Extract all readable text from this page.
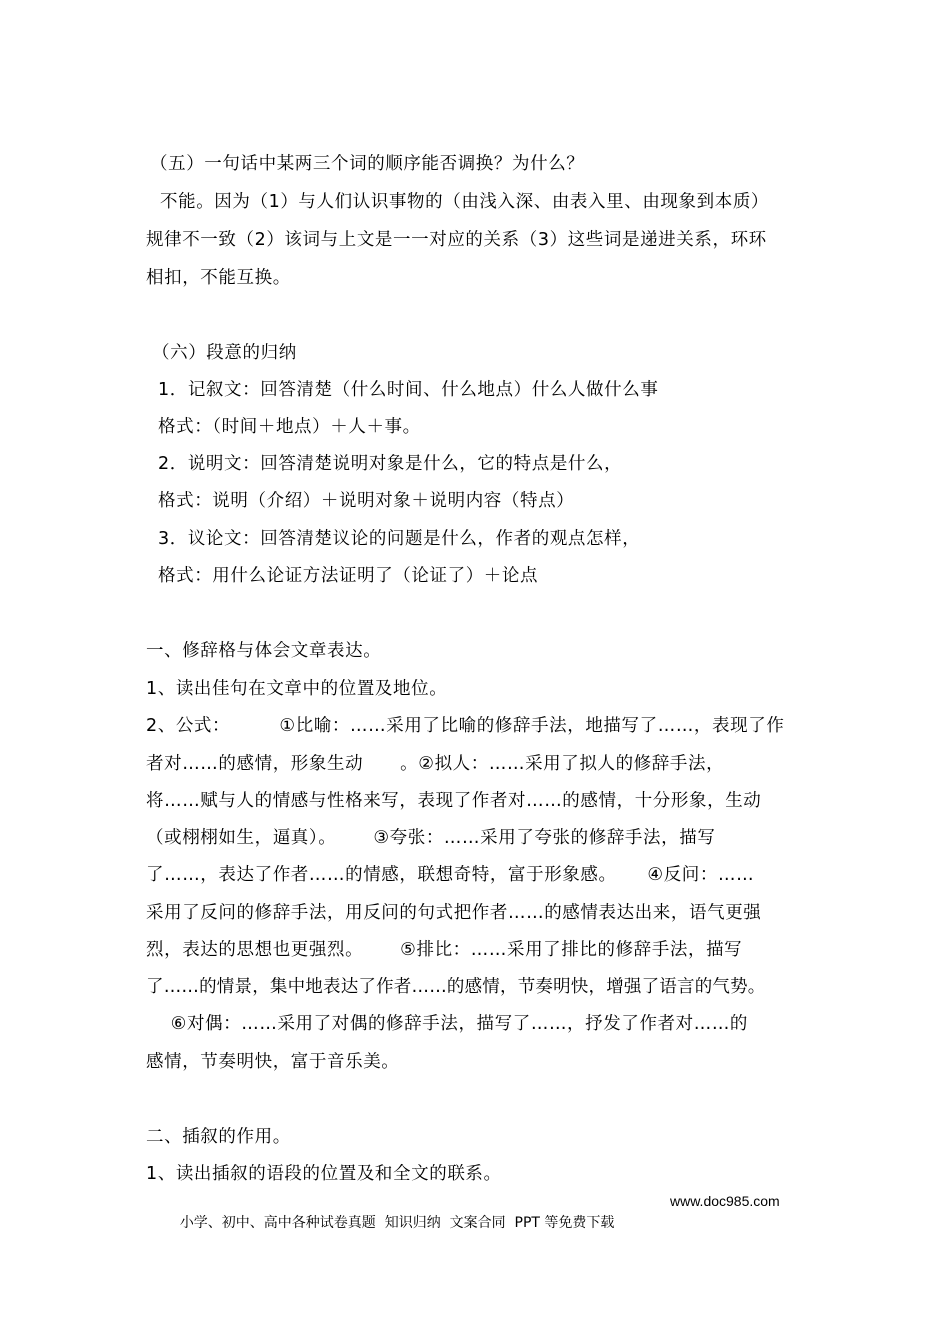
（五）一句话中某两三个词的顺序能否调换？为什么？
不能。因为（1）与人们认识事物的（由浅入深、由表入里、由现象到本质）
规律不一致（2）该词与上文是一一对应的关系（3）这些词是递进关系，环环
相扣，不能互换。
（六）段意的归纳
1．记叙文：回答清楚（什么时间、什么地点）什么人做什么事
格式：（时间＋地点）＋人＋事。
2．说明文：回答清楚说明对象是什么，它的特点是什么，
格式：说明（介绍）＋说明对象＋说明内容（特点）
3．议论文：回答清楚议论的问题是什么，作者的观点怎样，
格式：用什么论证方法证明了（论证了）＋论点
一、修辞格与体会文章表达。
1、读出佳句在文章中的位置及地位。
2、公式：        ①比喻：……采用了比喻的修辞手法，地描写了……，表现了作
者对……的感情，形象生动      。②拟人：……采用了拟人的修辞手法，
将……赋与人的情感与性格来写，表现了作者对……的感情，十分形象，生动
（或栩栩如生，逼真）。      ③夸张：……采用了夸张的修辞手法，描写
了……，表达了作者……的情感，联想奇特，富于形象感。     ④反问：……
采用了反问的修辞手法，用反问的句式把作者……的感情表达出来，语气更强
烈，表达的思想也更强烈。      ⑤排比：……采用了排比的修辞手法，描写
了……的情景，集中地表达了作者……的感情，节奏明快，增强了语言的气势。
⑥对偶：……采用了对偶的修辞手法，描写了……，抒发了作者对……的
感情，节奏明快，富于音乐美。
二、插叙的作用。
1、读出插叙的语段的位置及和全文的联系。

小学、初中、高中各种试卷真题  知识归纳  文案合同  PPT 等免费下载

www.doc985.com
